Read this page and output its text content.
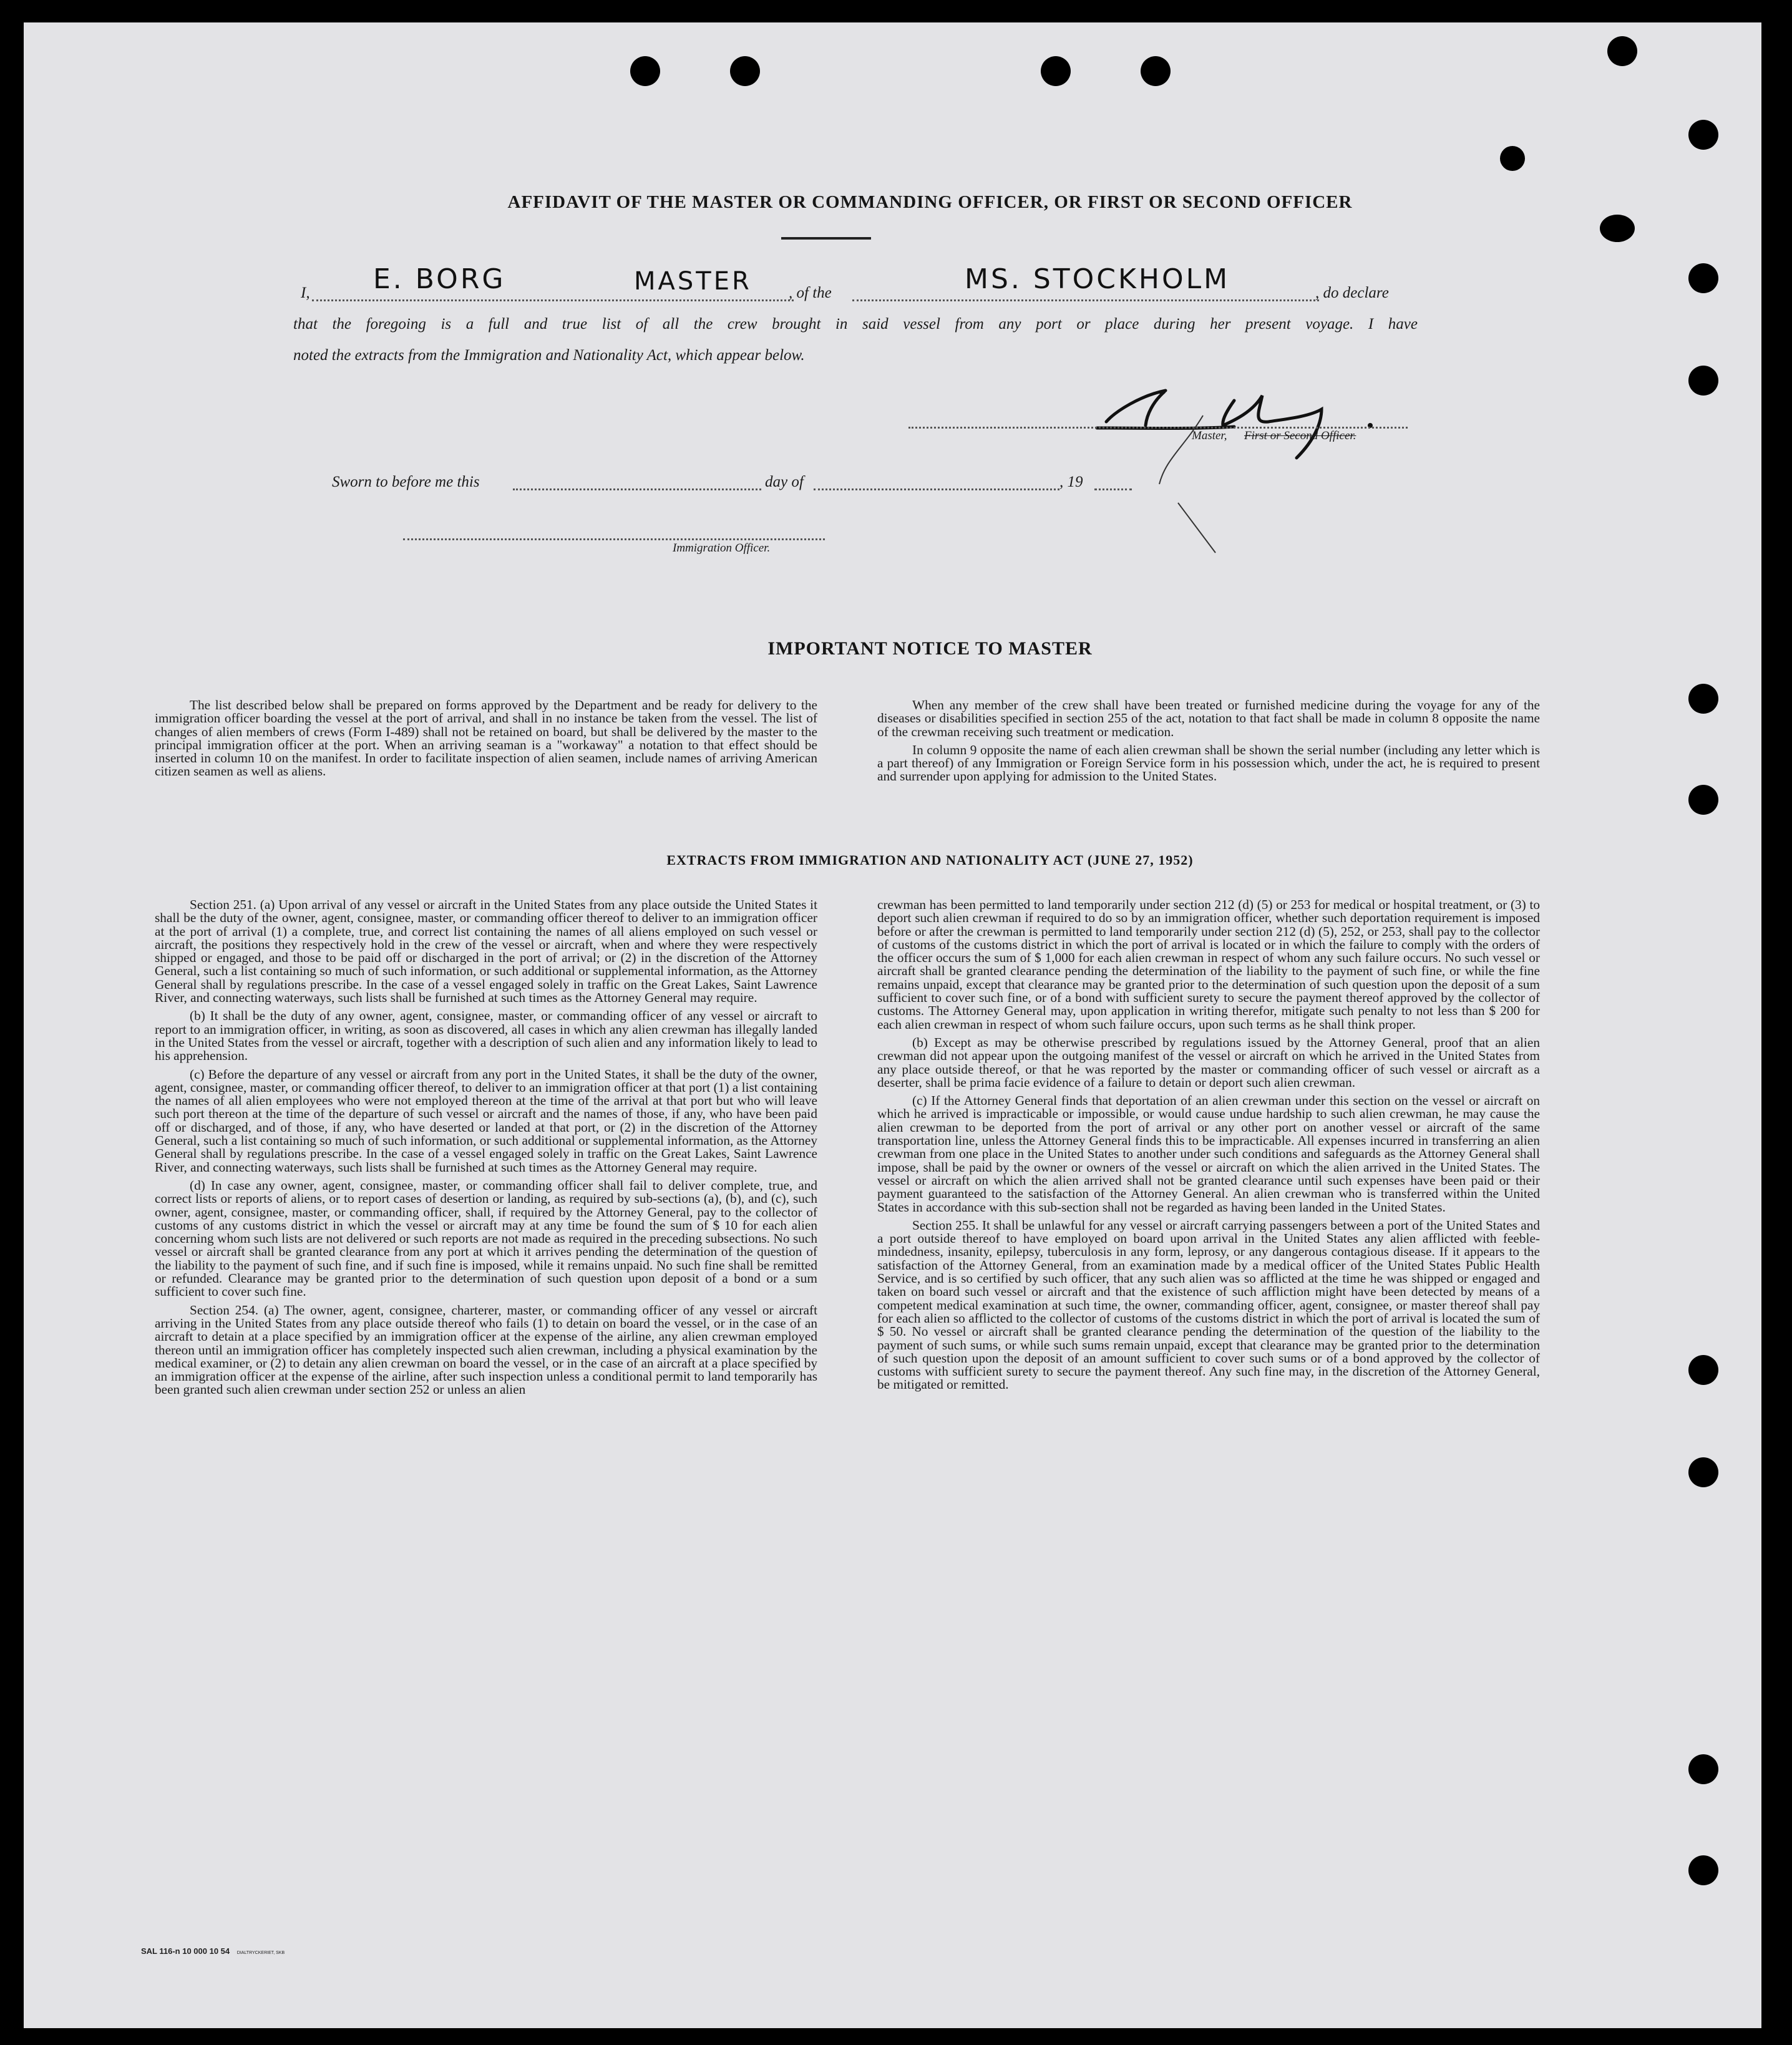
AFFIDAVIT OF THE MASTER OR COMMANDING OFFICER, OR FIRST OR SECOND OFFICER
I, E. BORG	MASTER , of the	MS. STOCKHOLM	, do declare
that the foregoing is a full and true list of all the crew brought in said vessel from any port or place during her present voyage. I have
noted the extracts from the Immigration and Nationality Act, which appear below.
Master, First or Second Officer.
Sworn to before me this	day of	, 19
Immigration Officer.
IMPORTANT NOTICE TO MASTER

The list described below shall be prepared on forms approved by the Department and be ready for delivery to the immigration officer boarding the vessel at the port of arrival, and shall in no instance be taken from the vessel. The list of changes of alien members of crews (Form I-489) shall not be retained on board, but shall be delivered by the master to the principal immigration officer at the port. When an arriving seaman is a "workaway" a notation to that effect should be inserted in column 10 on the manifest. In order to facilitate inspection of alien seamen, include names of arriving American citizen seamen as well as aliens.

When any member of the crew shall have been treated or furnished medicine during the voyage for any of the diseases or disabilities specified in section 255 of the act, notation to that fact shall be made in column 8 opposite the name of the crewman receiving such treatment or medication.

In column 9 opposite the name of each alien crewman shall be shown the serial number (including any letter which is a part thereof) of any Immigration or Foreign Service form in his possession which, under the act, he is required to present and surrender upon applying for admission to the United States.

EXTRACTS FROM IMMIGRATION AND NATIONALITY ACT (JUNE 27, 1952)

Section 251. (a) Upon arrival of any vessel or aircraft in the United States from any place outside the United States it shall be the duty of the owner, agent, consignee, master, or commanding officer thereof to deliver to an immigration officer at the port of arrival (1) a complete, true, and correct list containing the names of all aliens employed on such vessel or aircraft, the positions they respectively hold in the crew of the vessel or aircraft, when and where they were respectively shipped or engaged, and those to be paid off or discharged in the port of arrival; or (2) in the discretion of the Attorney General, such a list containing so much of such information, or such additional or supplemental information, as the Attorney General shall by regulations prescribe. In the case of a vessel engaged solely in traffic on the Great Lakes, Saint Lawrence River, and connecting waterways, such lists shall be furnished at such times as the Attorney General may require.

(b) It shall be the duty of any owner, agent, consignee, master, or commanding officer of any vessel or aircraft to report to an immigration officer, in writing, as soon as discovered, all cases in which any alien crewman has illegally landed in the United States from the vessel or aircraft, together with a description of such alien and any information likely to lead to his apprehension.

(c) Before the departure of any vessel or aircraft from any port in the United States, it shall be the duty of the owner, agent, consignee, master, or commanding officer thereof, to deliver to an immigration officer at that port (1) a list containing the names of all alien employees who were not employed thereon at the time of the arrival at that port but who will leave such port thereon at the time of the departure of such vessel or aircraft and the names of those, if any, who have been paid off or discharged, and of those, if any, who have deserted or landed at that port, or (2) in the discretion of the Attorney General, such a list containing so much of such information, or such additional or supplemental information, as the Attorney General shall by regulations prescribe. In the case of a vessel engaged solely in traffic on the Great Lakes, Saint Lawrence River, and connecting waterways, such lists shall be furnished at such times as the Attorney General may require.

(d) In case any owner, agent, consignee, master, or commanding officer shall fail to deliver complete, true, and correct lists or reports of aliens, or to report cases of desertion or landing, as required by sub-sections (a), (b), and (c), such owner, agent, consignee, master, or commanding officer, shall, if required by the Attorney General, pay to the collector of customs of any customs district in which the vessel or aircraft may at any time be found the sum of $ 10 for each alien concerning whom such lists are not delivered or such reports are not made as required in the preceding subsections. No such vessel or aircraft shall be granted clearance from any port at which it arrives pending the determination of the question of the liability to the payment of such fine, and if such fine is imposed, while it remains unpaid. No such fine shall be remitted or refunded. Clearance may be granted prior to the determination of such question upon deposit of a bond or a sum sufficient to cover such fine.

Section 254. (a) The owner, agent, consignee, charterer, master, or commanding officer of any vessel or aircraft arriving in the United States from any place outside thereof who fails (1) to detain on board the vessel, or in the case of an aircraft to detain at a place specified by an immigration officer at the expense of the airline, any alien crewman employed thereon until an immigration officer has completely inspected such alien crewman, including a physical examination by the medical examiner, or (2) to detain any alien crewman on board the vessel, or in the case of an aircraft at a place specified by an immigration officer at the expense of the airline, after such inspection unless a conditional permit to land temporarily has been granted such alien crewman under section 252 or unless an alien

crewman has been permitted to land temporarily under section 212 (d) (5) or 253 for medical or hospital treatment, or (3) to deport such alien crewman if required to do so by an immigration officer, whether such deportation requirement is imposed before or after the crewman is permitted to land temporarily under section 212 (d) (5), 252, or 253, shall pay to the collector of customs of the customs district in which the port of arrival is located or in which the failure to comply with the orders of the officer occurs the sum of $ 1,000 for each alien crewman in respect of whom any such failure occurs. No such vessel or aircraft shall be granted clearance pending the determination of the liability to the payment of such fine, or while the fine remains unpaid, except that clearance may be granted prior to the determination of such question upon the deposit of a sum sufficient to cover such fine, or of a bond with sufficient surety to secure the payment thereof approved by the collector of customs. The Attorney General may, upon application in writing therefor, mitigate such penalty to not less than $ 200 for each alien crewman in respect of whom such failure occurs, upon such terms as he shall think proper.

(b) Except as may be otherwise prescribed by regulations issued by the Attorney General, proof that an alien crewman did not appear upon the outgoing manifest of the vessel or aircraft on which he arrived in the United States from any place outside thereof, or that he was reported by the master or commanding officer of such vessel or aircraft as a deserter, shall be prima facie evidence of a failure to detain or deport such alien crewman.

(c) If the Attorney General finds that deportation of an alien crewman under this section on the vessel or aircraft on which he arrived is impracticable or impossible, or would cause undue hardship to such alien crewman, he may cause the alien crewman to be deported from the port of arrival or any other port on another vessel or aircraft of the same transportation line, unless the Attorney General finds this to be impracticable. All expenses incurred in transferring an alien crewman from one place in the United States to another under such conditions and safeguards as the Attorney General shall impose, shall be paid by the owner or owners of the vessel or aircraft on which the alien arrived in the United States. The vessel or aircraft on which the alien arrived shall not be granted clearance until such expenses have been paid or their payment guaranteed to the satisfaction of the Attorney General. An alien crewman who is transferred within the United States in accordance with this sub-section shall not be regarded as having been landed in the United States.

Section 255. It shall be unlawful for any vessel or aircraft carrying passengers between a port of the United States and a port outside thereof to have employed on board upon arrival in the United States any alien afflicted with feeble-mindedness, insanity, epilepsy, tuberculosis in any form, leprosy, or any dangerous contagious disease. If it appears to the satisfaction of the Attorney General, from an examination made by a medical officer of the United States Public Health Service, and is so certified by such officer, that any such alien was so afflicted at the time he was shipped or engaged and taken on board such vessel or aircraft and that the existence of such affliction might have been detected by means of a competent medical examination at such time, the owner, commanding officer, agent, consignee, or master thereof shall pay for each alien so afflicted to the collector of customs of the customs district in which the port of arrival is located the sum of $ 50. No vessel or aircraft shall be granted clearance pending the determination of the question of the liability to the payment of such sums, or while such sums remain unpaid, except that clearance may be granted prior to the determination of such question upon the deposit of an amount sufficient to cover such sums or of a bond approved by the collector of customs with sufficient surety to secure the payment thereof. Any such fine may, in the discretion of the Attorney General, be mitigated or remitted.

SAL 116-n 10 000 10 54 DIALTRYCKERIET, SKB
